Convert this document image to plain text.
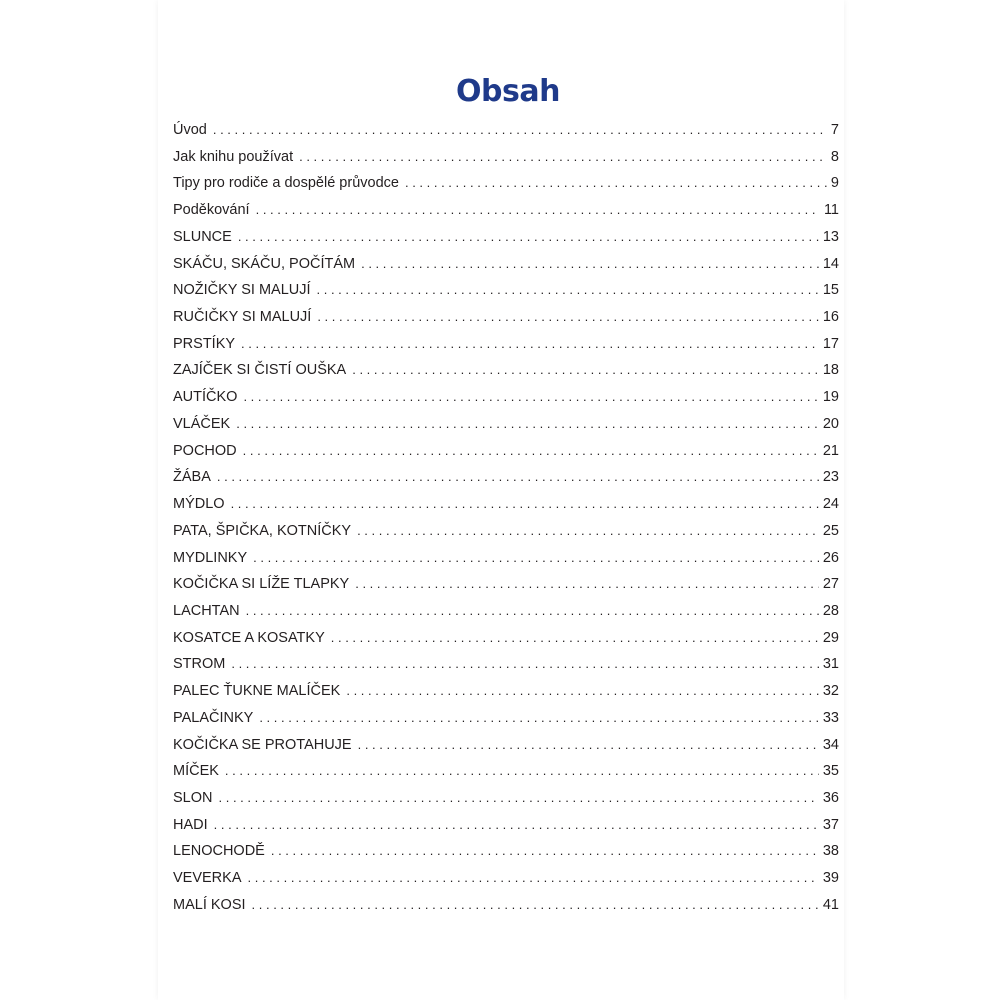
Obsah
Úvod . . .	7
Jak knihu používat . . .	8
Tipy pro rodiče a dospělé průvodce . . .	9
Poděkování . . .	11
SLUNCE . . .	13
SKÁČU, SKÁČU, POČÍTÁM . . .	14
NOŽIČKY SI MALUJÍ . . .	15
RUČIČKY SI MALUJÍ . . .	16
PRSTÍKY . . .	17
ZAJÍČEK SI ČISTÍ OUŠKA . . .	18
AUTÍČKO . . .	19
VLÁČEK . . .	20
POCHOD . . .	21
ŽÁBA . . .	23
MÝDLO . . .	24
PATA, ŠPIČKA, KOTNÍČKY . . .	25
MYDLINKY . . .	26
KOČIČKA SI LÍŽE TLAPKY . . .	27
LACHTAN . . .	28
KOSATCE A KOSATKY . . .	29
STROM . . .	31
PALEC ŤUKNE MALÍČEK . . .	32
PALAČINKY . . .	33
KOČIČKA SE PROTAHUJE . . .	34
MÍČEK . . .	35
SLON . . .	36
HADI . . .	37
LENOCHODĚ . . .	38
VEVERKA . . .	39
MALÍ KOSI . . .	41
